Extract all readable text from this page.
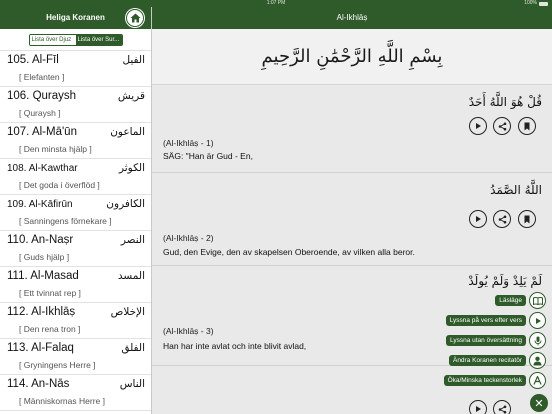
1:07 PM	100%
Heliga Koranen
Lista över Djuz	Lista över Sur...
105. Al-Fīl	الفيل
[ Elefanten ]
106. Quraysh	قريش
[ Quraysh ]
107. Al-Mā'ūn	الماعون
[ Den minsta hjälp ]
108. Al-Kawthar	الكوثر
[ Det goda i överflöd ]
109. Al-Kāfirūn	الكافرون
[ Sanningens förnekare ]
110. An-Naṣr	النصر
[ Guds hjälp ]
111. Al-Masad	المسد
[ Ett tvinnat rep ]
112. Al-Ikhlāṣ	الإخلاص
[ Den rena tron ]
113. Al-Falaq	الفلق
[ Gryningens Herre ]
114. An-Nās	الناس
[ Människornas Herre ]
Al-Ikhlāṣ
بِسْمِ اللَّهِ الرَّحْمَٰنِ الرَّحِيمِ
قُلْ هُوَ اللَّهُ أَحَدٌ
(Al-Ikhlāṣ - 1)
SÄG: "Han är Gud - En,
اللَّهُ الصَّمَدُ
(Al-Ikhlāṣ - 2)
Gud, den Evige, den av skapelsen Oberoende, av vilken alla beror.
لَمْ يَلِدْ وَلَمْ يُولَدْ
(Al-Ikhlāṣ - 3)
Han har inte avlat och inte blivit avlad,
Läsläge
Lyssna på vers efter vers
Lyssna utan översättning
Ändra Koranen recitatör
Öka/Minska teckenstorlek
✕
